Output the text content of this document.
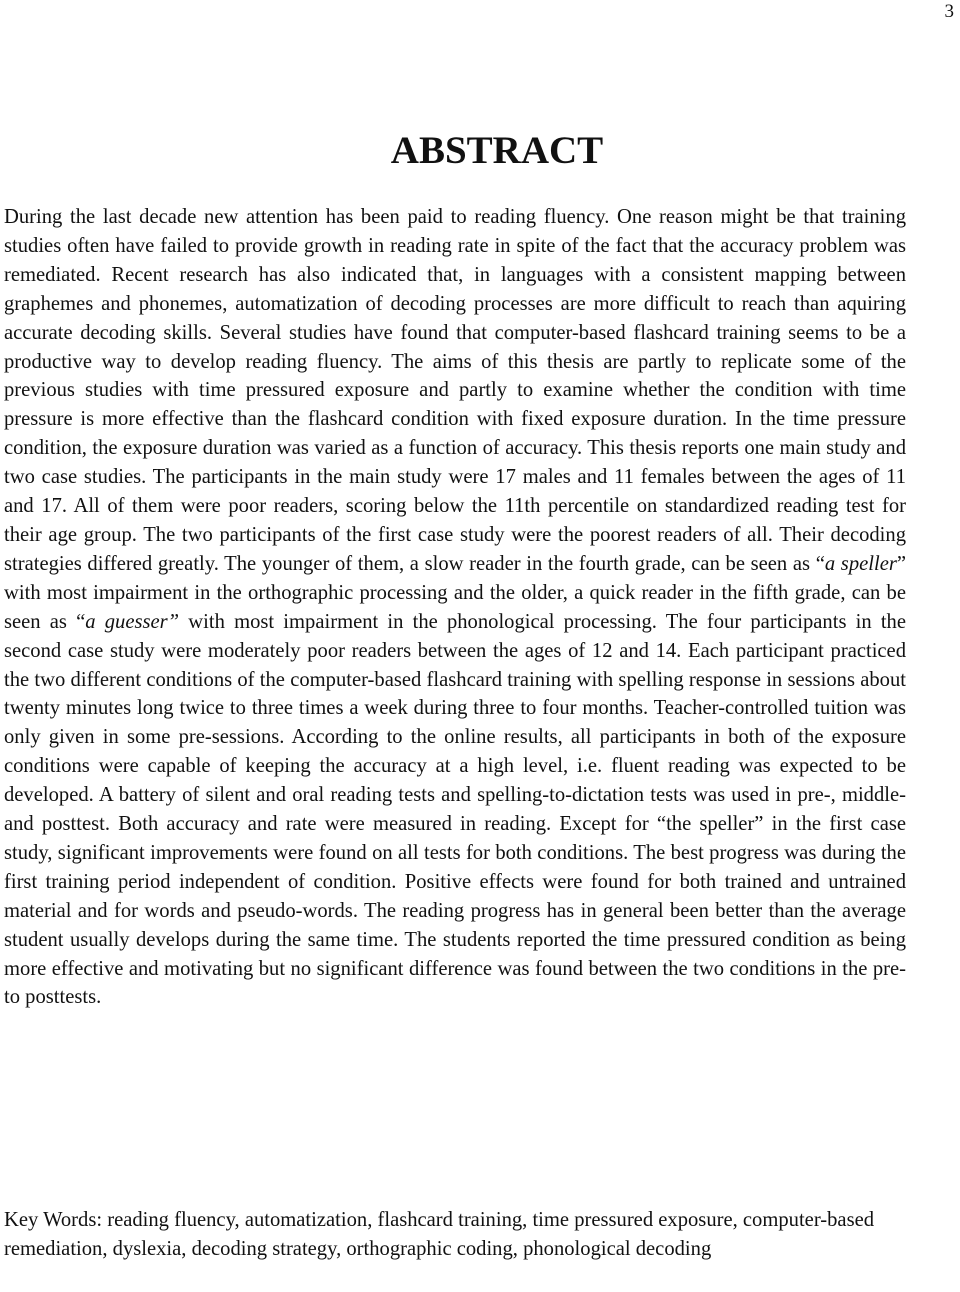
3
ABSTRACT

During the last decade new attention has been paid to reading fluency. One reason might be that training studies often have failed to provide growth in reading rate in spite of the fact that the accuracy problem was remediated. Recent research has also indicated that, in languages with a consistent mapping between graphemes and phonemes, automatization of decoding processes are more difficult to reach than aquiring accurate decoding skills. Several studies have found that computer-based flashcard training seems to be a productive way to develop reading fluency. The aims of this thesis are partly to replicate some of the previous studies with time pressured exposure and partly to examine whether the condition with time pressure is more effective than the flashcard condition with fixed exposure duration. In the time pressure condition, the exposure duration was varied as a function of accuracy. This thesis reports one main study and two case studies. The participants in the main study were 17 males and 11 females between the ages of 11 and 17. All of them were poor readers, scoring below the 11th percentile on standardized reading test for their age group. The two participants of the first case study were the poorest readers of all. Their decoding strategies differed greatly. The younger of them, a slow reader in the fourth grade, can be seen as “a speller” with most impairment in the orthographic processing and the older, a quick reader in the fifth grade, can be seen as “a guesser” with most impairment in the phonological processing. The four participants in the second case study were moderately poor readers between the ages of 12 and 14. Each participant practiced the two different conditions of the computer-based flashcard training with spelling response in sessions about twenty minutes long twice to three times a week during three to four months. Teacher-controlled tuition was only given in some pre-sessions. According to the online results, all participants in both of the exposure conditions were capable of keeping the accuracy at a high level, i.e. fluent reading was expected to be developed. A battery of silent and oral reading tests and spelling-to-dictation tests was used in pre-, middle- and posttest. Both accuracy and rate were measured in reading. Except for “the speller” in the first case study, significant improvements were found on all tests for both conditions. The best progress was during the first training period independent of condition. Positive effects were found for both trained and untrained material and for words and pseudo-words. The reading progress has in general been better than the average student usually develops during the same time. The students reported the time pressured condition as being more effective and motivating but no significant difference was found between the two conditions in the pre- to posttests.

Key Words: reading fluency, automatization, flashcard training, time pressured exposure, computer-based remediation, dyslexia, decoding strategy, orthographic coding, phonological decoding
